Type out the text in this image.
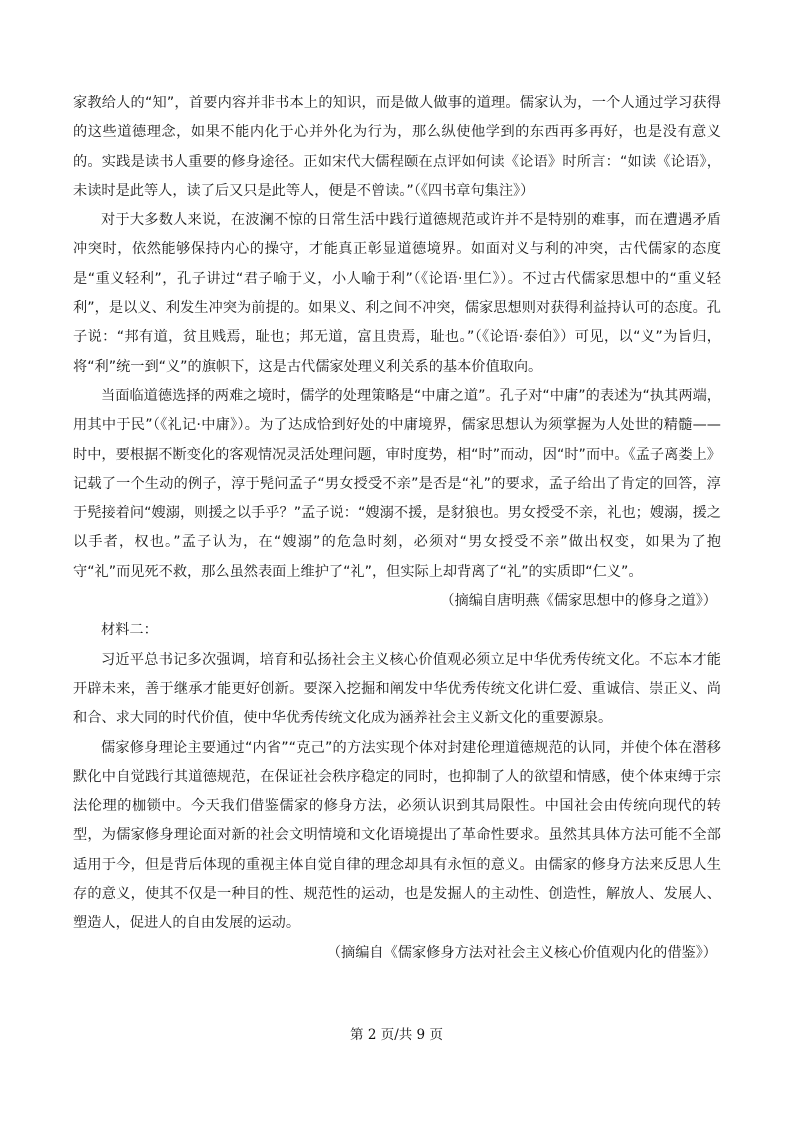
家教给人的“知”，首要内容并非书本上的知识，而是做人做事的道理。儒家认为，一个人通过学习获得的这些道德理念，如果不能内化于心并外化为行为，那么纵使他学到的东西再多再好，也是没有意义的。实践是读书人重要的修身途径。正如宋代大儒程颐在点评如何读《论语》时所言：“如读《论语》，未读时是此等人，读了后又只是此等人，便是不曾读。”（《四书章句集注》）

对于大多数人来说，在波澜不惊的日常生活中践行道德规范或许并不是特别的难事，而在遭遇矛盾冲突时，依然能够保持内心的操守，才能真正彰显道德境界。如面对义与利的冲突，古代儒家的态度是“重义轻利”，孔子讲过“君子喻于义，小人喻于利”（《论语·里仁》）。不过古代儒家思想中的“重义轻利”，是以义、利发生冲突为前提的。如果义、利之间不冲突，儒家思想则对获得利益持认可的态度。孔子说：“邦有道，贫且贱焉，耻也；邦无道，富且贵焉，耻也。”（《论语·泰伯》）可见，以“义”为旨归，将“利”统一到“义”的旗帜下，这是古代儒家处理义利关系的基本价值取向。

当面临道德选择的两难之境时，儒学的处理策略是“中庸之道”。孔子对“中庸”的表述为“执其两端，用其中于民”（《礼记·中庸》）。为了达成恰到好处的中庸境界，儒家思想认为须掌握为人处世的精髓——时中，要根据不断变化的客观情况灵活处理问题，审时度势，相“时”而动，因“时”而中。《孟子离娄上》记载了一个生动的例子，淳于髡问孟子“男女授受不亲”是否是“礼”的要求，孟子给出了肯定的回答，淳于髡接着问“嫂溺，则援之以手乎？”孟子说：“嫂溺不援，是豺狼也。男女授受不亲，礼也；嫂溺，援之以手者，权也。”孟子认为，在“嫂溺”的危急时刻，必须对“男女授受不亲”做出权变，如果为了抱守“礼”而见死不救，那么虽然表面上维护了“礼”，但实际上却背离了“礼”的实质即“仁义”。

（摘编自唐明燕《儒家思想中的修身之道》）

材料二：

习近平总书记多次强调，培育和弘扬社会主义核心价值观必须立足中华优秀传统文化。不忘本才能开辟未来，善于继承才能更好创新。要深入挖掘和阐发中华优秀传统文化讲仁爱、重诚信、崇正义、尚和合、求大同的时代价值，使中华优秀传统文化成为涵养社会主义新文化的重要源泉。

儒家修身理论主要通过“内省”“克己”的方法实现个体对封建伦理道德规范的认同，并使个体在潜移默化中自觉践行其道德规范，在保证社会秩序稳定的同时，也抑制了人的欲望和情感，使个体束缚于宗法伦理的枷锁中。今天我们借鉴儒家的修身方法，必须认识到其局限性。中国社会由传统向现代的转型，为儒家修身理论面对新的社会文明情境和文化语境提出了革命性要求。虽然其具体方法可能不全部适用于今，但是背后体现的重视主体自觉自律的理念却具有永恒的意义。由儒家的修身方法来反思人生存的意义，使其不仅是一种目的性、规范性的运动，也是发掘人的主动性、创造性，解放人、发展人、塑造人，促进人的自由发展的运动。

（摘编自《儒家修身方法对社会主义核心价值观内化的借鉴》）

第 2 页/共 9 页
